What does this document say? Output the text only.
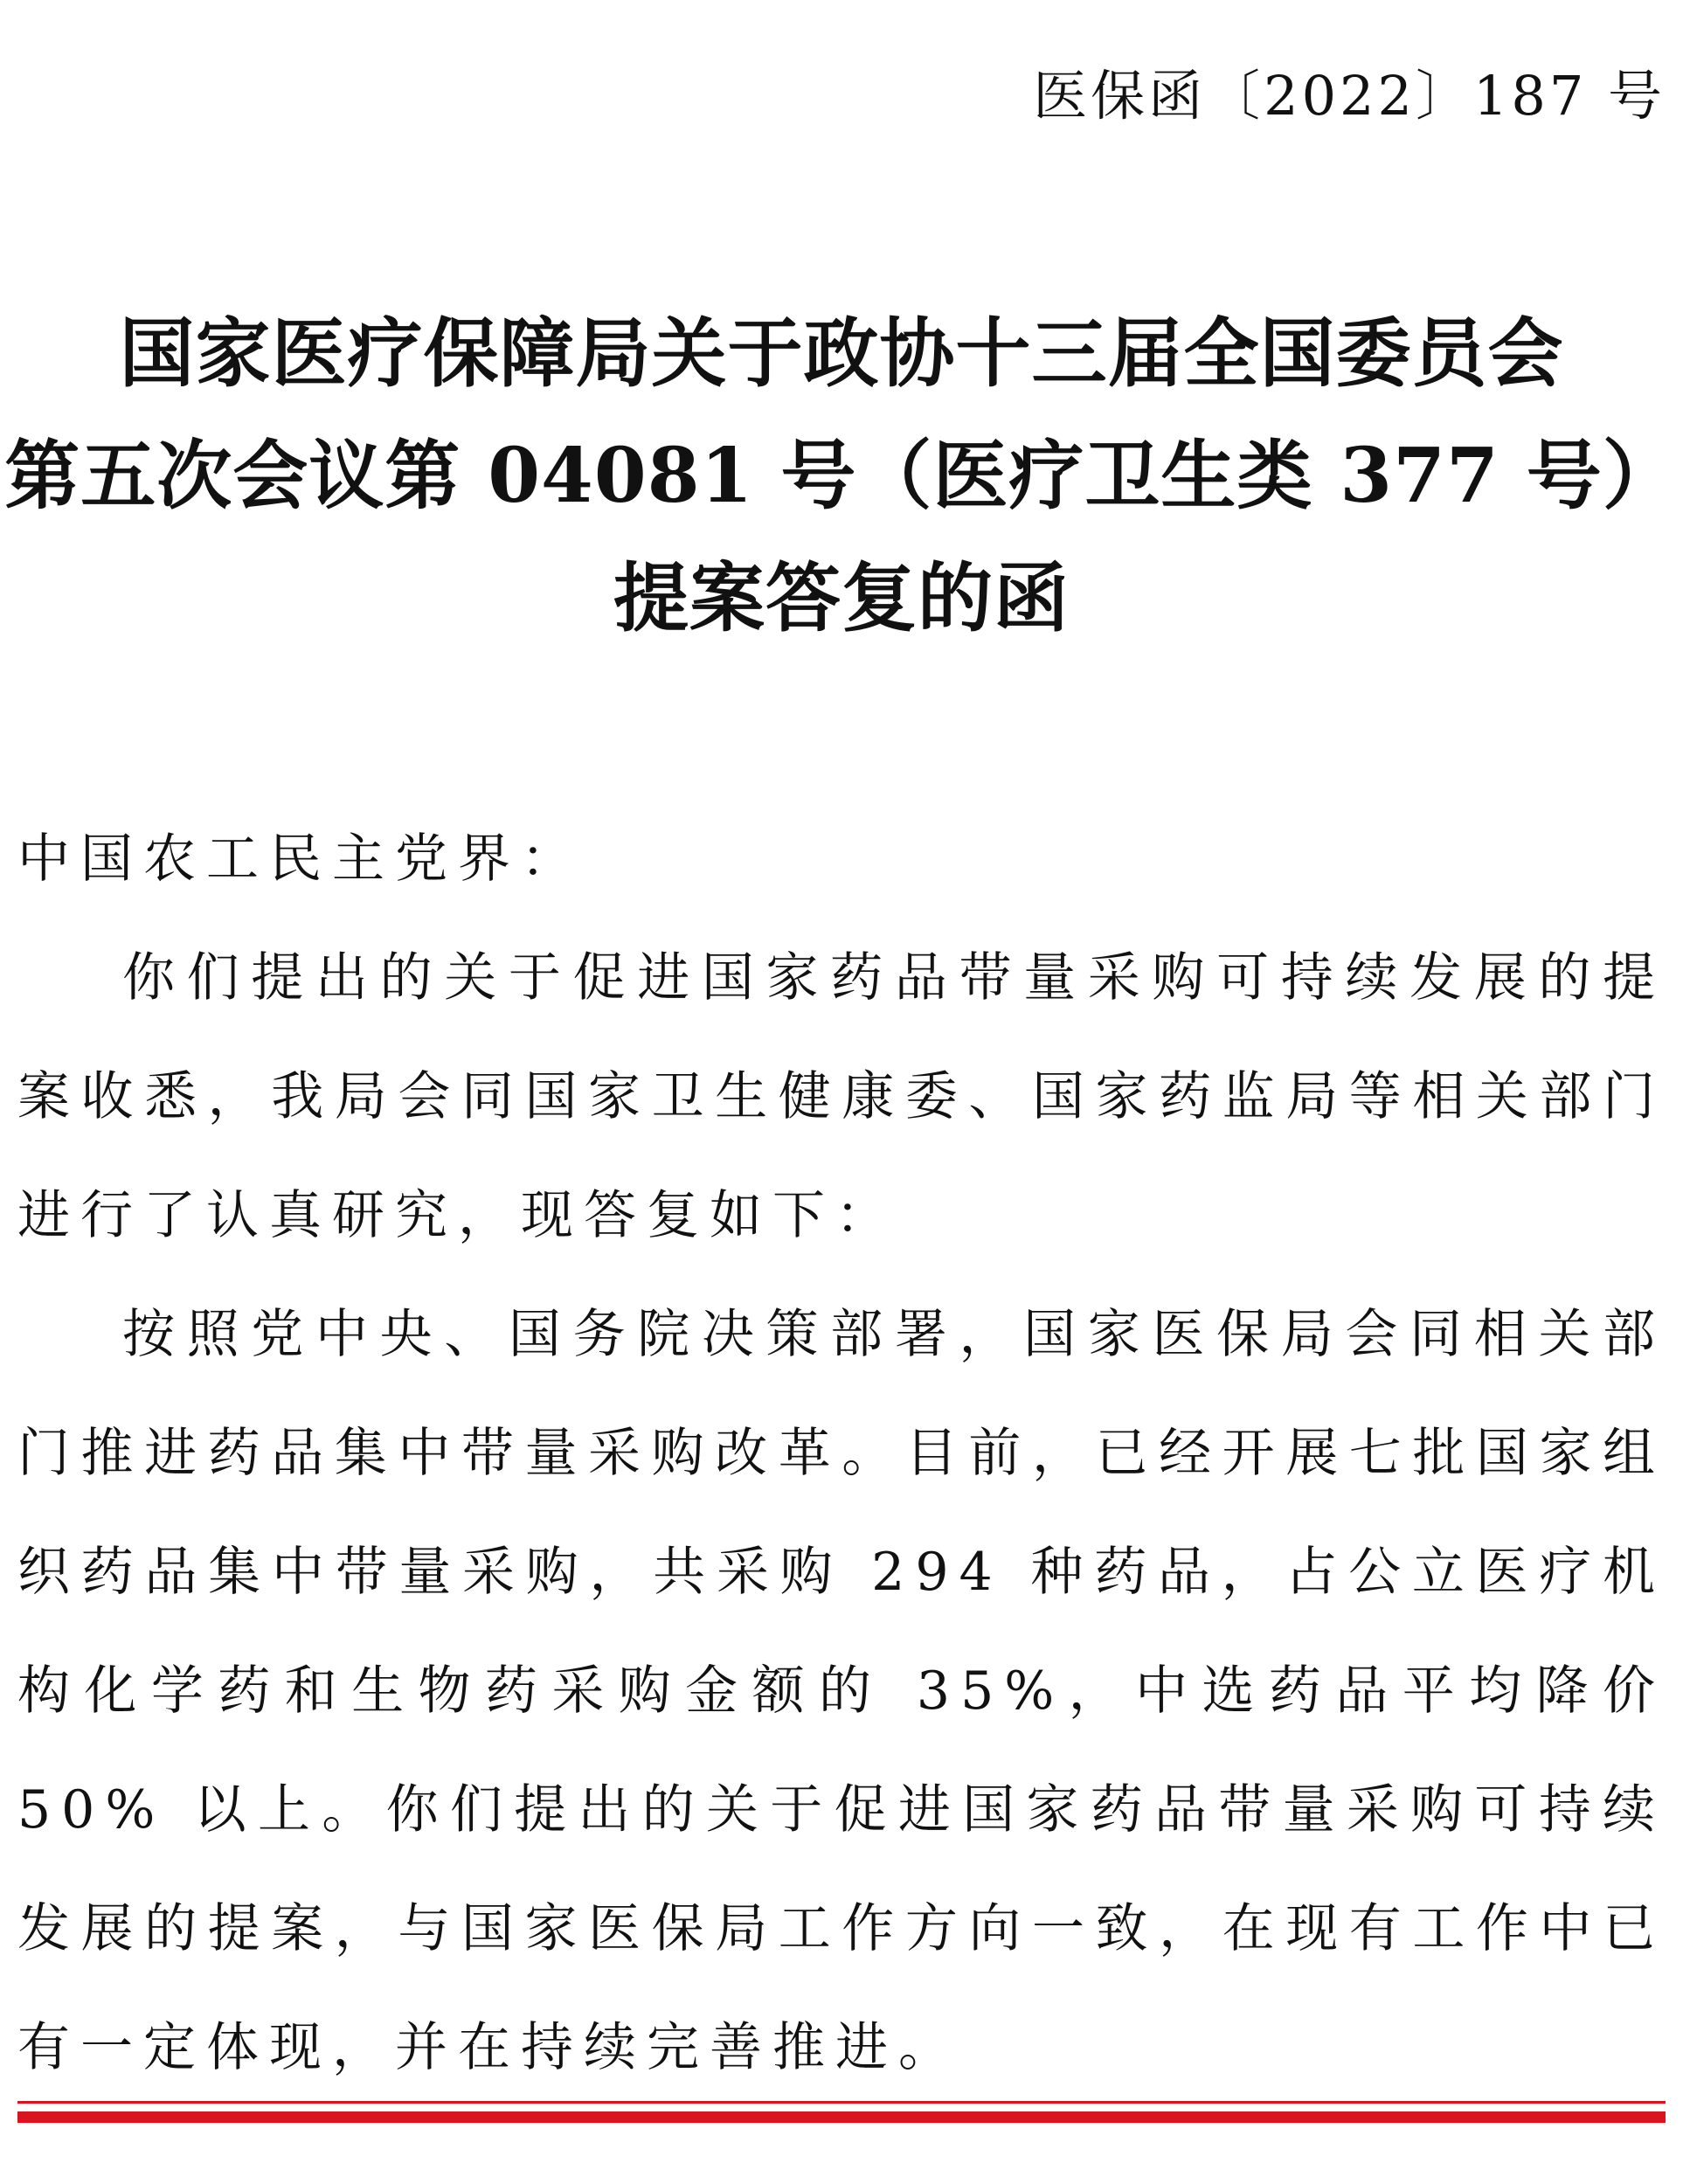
医保函〔2022〕187 号
国家医疗保障局关于政协十三届全国委员会
第五次会议第 04081 号（医疗卫生类 377 号）
提案答复的函

中国农工民主党界：

你们提出的关于促进国家药品带量采购可持续发展的提案收悉，我局会同国家卫生健康委、国家药监局等相关部门进行了认真研究，现答复如下：

按照党中央、国务院决策部署，国家医保局会同相关部门推进药品集中带量采购改革。目前，已经开展七批国家组织药品集中带量采购，共采购 294 种药品，占公立医疗机构化学药和生物药采购金额的 35%，中选药品平均降价 50% 以上。你们提出的关于促进国家药品带量采购可持续发展的提案，与国家医保局工作方向一致，在现有工作中已有一定体现，并在持续完善推进。
